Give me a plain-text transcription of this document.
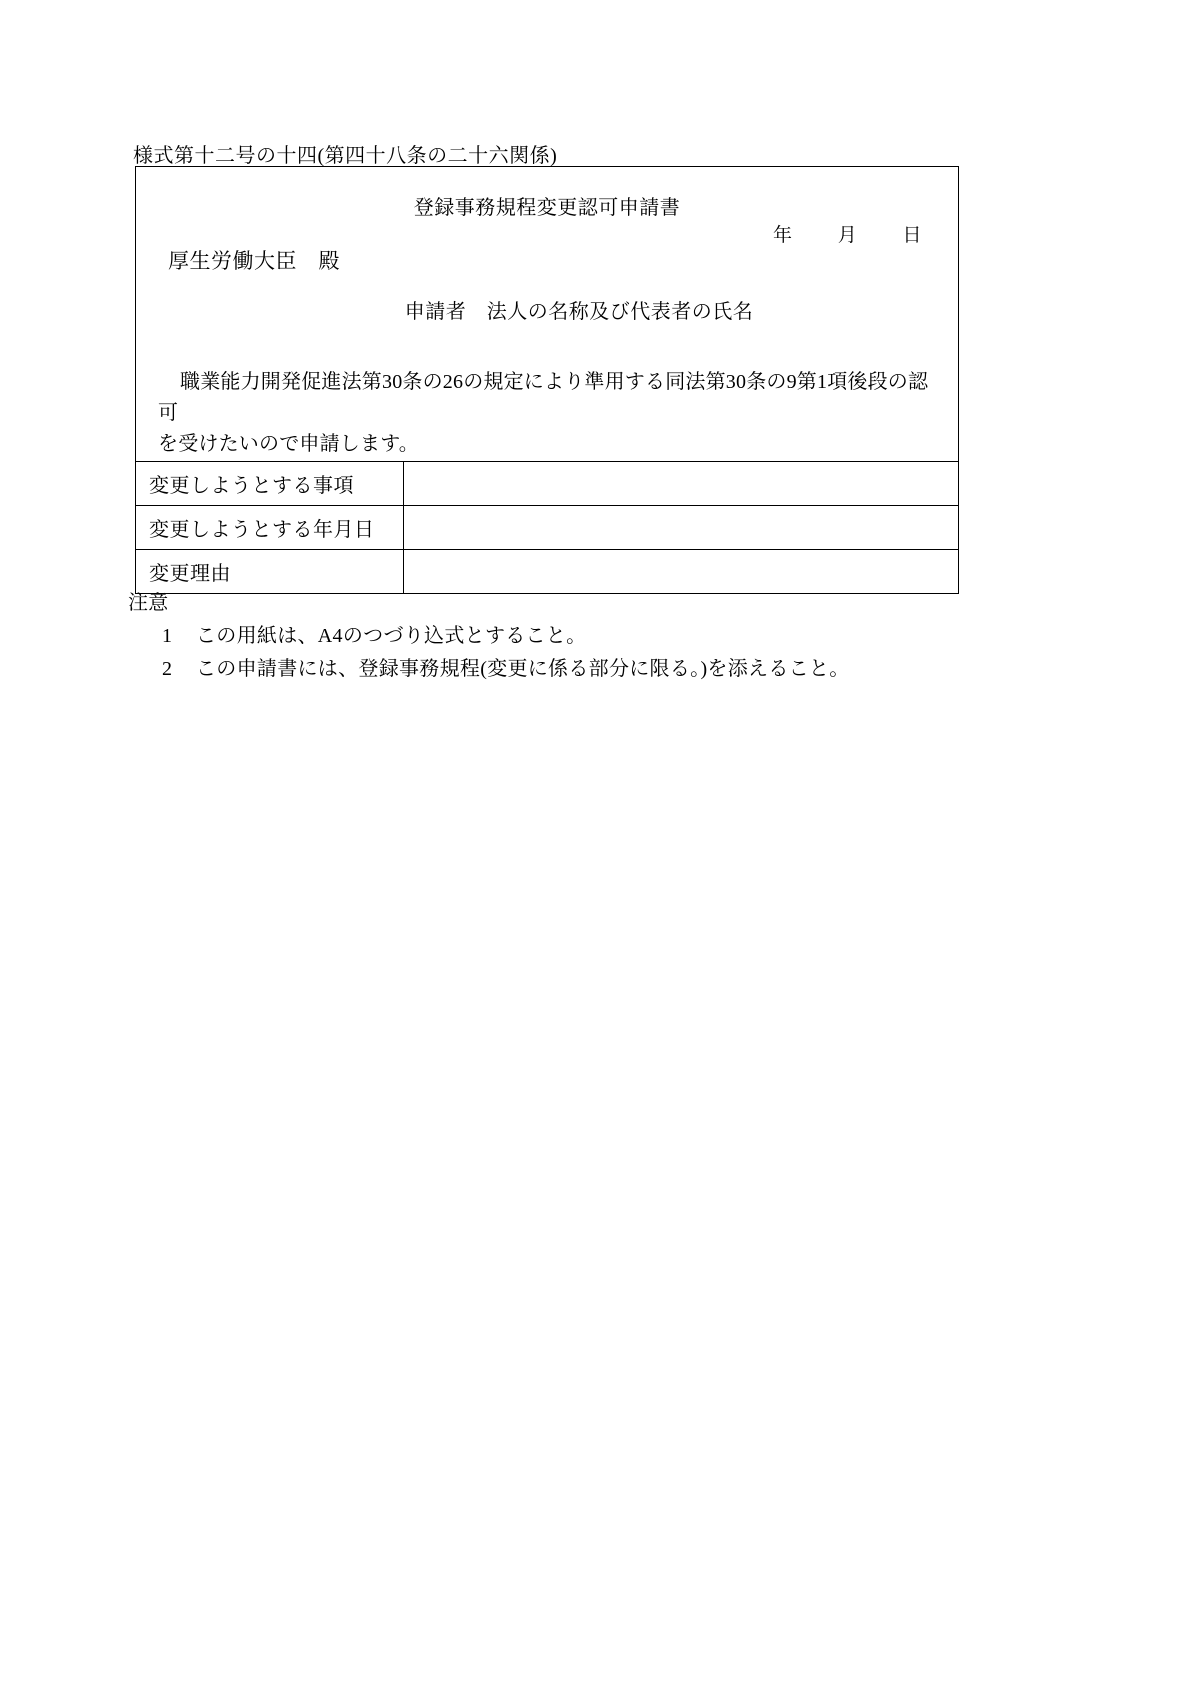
様式第十二号の十四(第四十八条の二十六関係)
登録事務規程変更認可申請書
年 月 日
厚生労働大臣　殿
申請者　法人の名称及び代表者の氏名
職業能力開発促進法第30条の26の規定により準用する同法第30条の9第1項後段の認可
を受けたいので申請します。
変更しようとする事項
変更しようとする年月日
変更理由

注意

1 この用紙は、A4のつづり込式とすること。

2 この申請書には、登録事務規程(変更に係る部分に限る。)を添えること。
